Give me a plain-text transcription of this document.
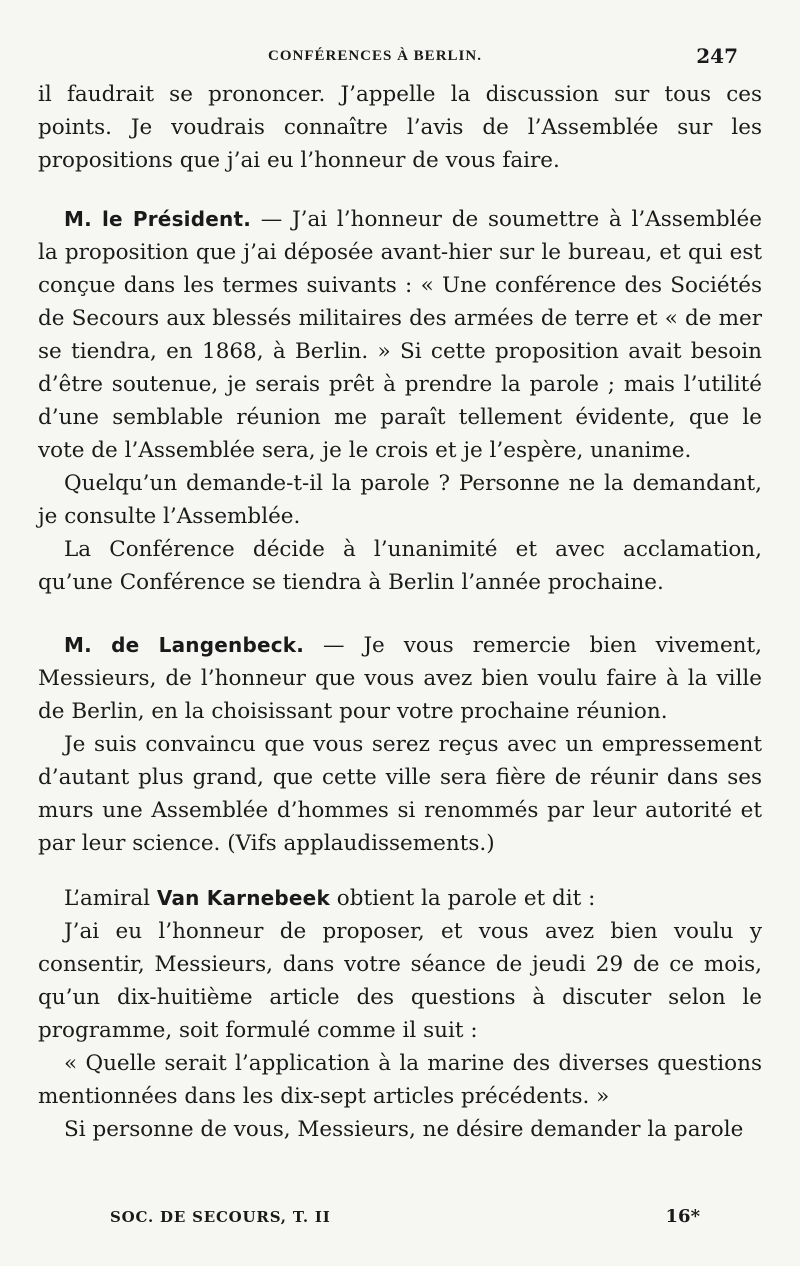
CONFÉRENCES À BERLIN.	247

il faudrait se prononcer. J’appelle la discussion sur tous ces points. Je voudrais connaître l’avis de l’Assemblée sur les propositions que j’ai eu l’honneur de vous faire.

M. le Président. — J’ai l’honneur de soumettre à l’Assemblée la proposition que j’ai déposée avant-hier sur le bureau, et qui est conçue dans les termes suivants : « Une conférence des Sociétés de Secours aux blessés militaires des armées de terre et « de mer se tiendra, en 1868, à Berlin. » Si cette proposition avait besoin d’être soutenue, je serais prêt à prendre la parole ; mais l’utilité d’une semblable réunion me paraît tellement évidente, que le vote de l’Assemblée sera, je le crois et je l’espère, unanime.

Quelqu’un demande-t-il la parole ? Personne ne la demandant, je consulte l’Assemblée.

La Conférence décide à l’unanimité et avec acclamation, qu’une Conférence se tiendra à Berlin l’année prochaine.

M. de Langenbeck. — Je vous remercie bien vivement, Messieurs, de l’honneur que vous avez bien voulu faire à la ville de Berlin, en la choisissant pour votre prochaine réunion.

Je suis convaincu que vous serez reçus avec un empressement d’autant plus grand, que cette ville sera fière de réunir dans ses murs une Assemblée d’hommes si renommés par leur autorité et par leur science. (Vifs applaudissements.)

L’amiral Van Karnebeek obtient la parole et dit :

J’ai eu l’honneur de proposer, et vous avez bien voulu y consentir, Messieurs, dans votre séance de jeudi 29 de ce mois, qu’un dix-huitième article des questions à discuter selon le programme, soit formulé comme il suit :

« Quelle serait l’application à la marine des diverses questions mentionnées dans les dix-sept articles précédents. »

Si personne de vous, Messieurs, ne désire demander la parole

SOC. DE SECOURS, T. II	16*
